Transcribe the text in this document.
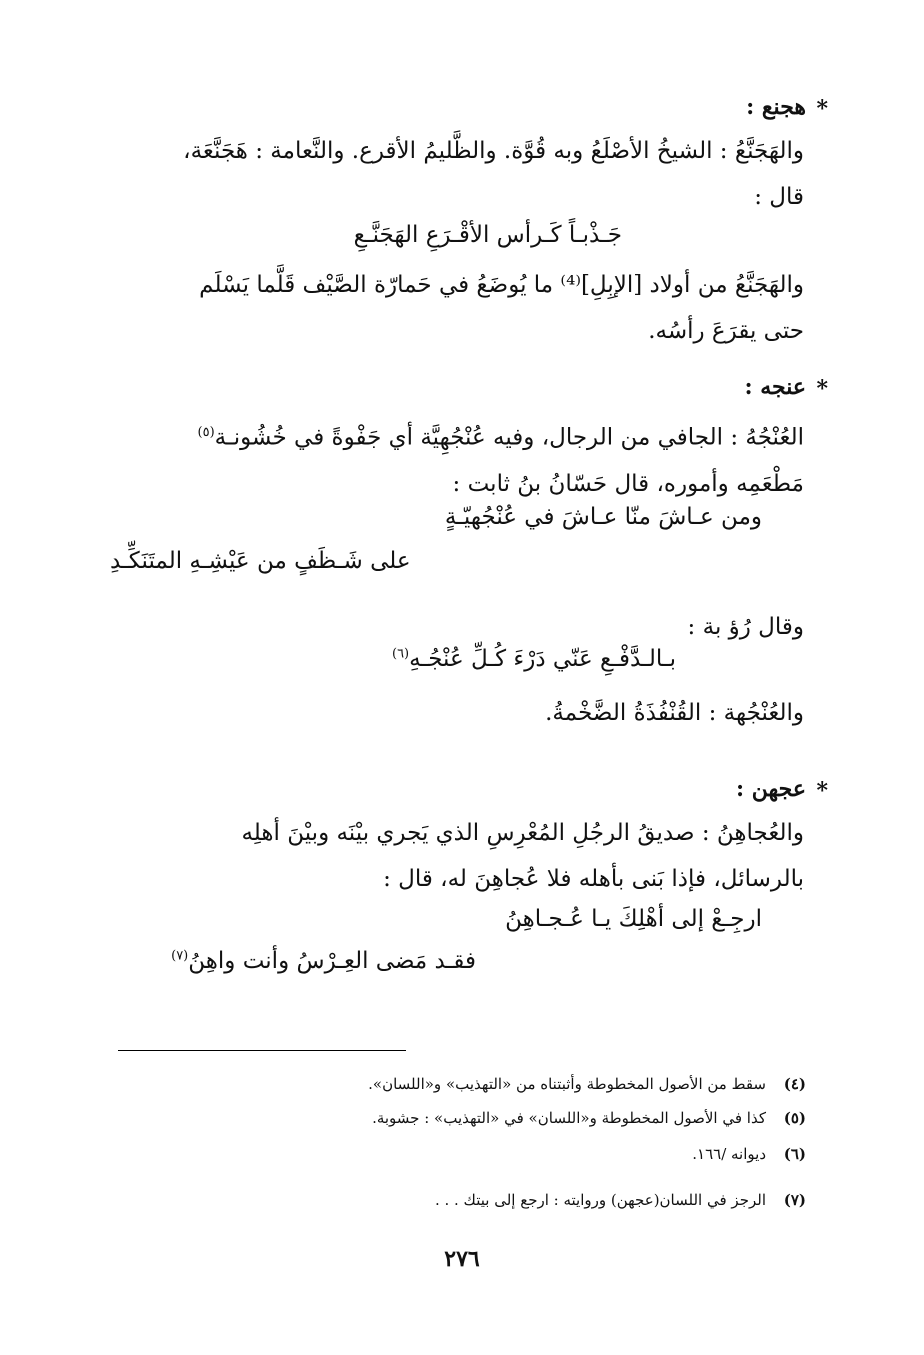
*
هجنع :
والهَجَنَّعُ : الشيخُ الأصْلَعُ وبه قُوَّة. والظَّليمُ الأقرع. والنَّعامة : هَجَنَّعَة،
قال :
جَـذْبـاً كَـرأس الأقْـرَعِ الهَجَنَّـعِ
والهَجَنَّعُ من أولاد [الإبِلِ]⁽⁴⁾ ما يُوضَعُ في حَمارّة الصَّيْف قَلَّما يَسْلَم
حتى يقرَعَ رأسُه.
*
عنجه :
العُنْجُهُ : الجافي من الرجال، وفيه عُنْجُهِيَّة أي جَفْوةً في خُشُونـة$^{(٥)}$
مَطْعَمِه وأموره، قال حَسّانُ بنُ ثابت :
ومن عـاشَ منّا عـاشَ في عُنْجُهيّـةٍ
على شَـظَفٍ من عَيْشِـهِ المتَنَكِّـدِ
وقال رُؤ بة :
بـالـدَّفْـعِ عَنّي دَرْءَ كُـلِّ عُنْجُـهِ$^{(٦)}$
والعُنْجُهة : القُنْفُذَةُ الضَّخْمةُ.
*
عجهن :
والعُجاهِنُ : صديقُ الرجُلِ المُعْرِسِ الذي يَجري بيْنَه وبيْنَ أهلِه
بالرسائل، فإذا بَنى بأهله فلا عُجاهِنَ له، قال :
ارجِـعْ إلى أهْلِكَ يـا عُـجـاهِنُ
فقـد مَضى العِـرْسُ وأنت واهِنُ$^{(٧)}$
(٤)سقط من الأصول المخطوطة وأثبتناه من «التهذيب» و«اللسان».
(٥)كذا في الأصول المخطوطة و«اللسان» في «التهذيب» : جشوبة.
(٦)ديوانه /١٦٦.
(٧)الرجز في اللسان(عجهن) وروايته : ارجع إلى بيتك . . .
٢٧٦
